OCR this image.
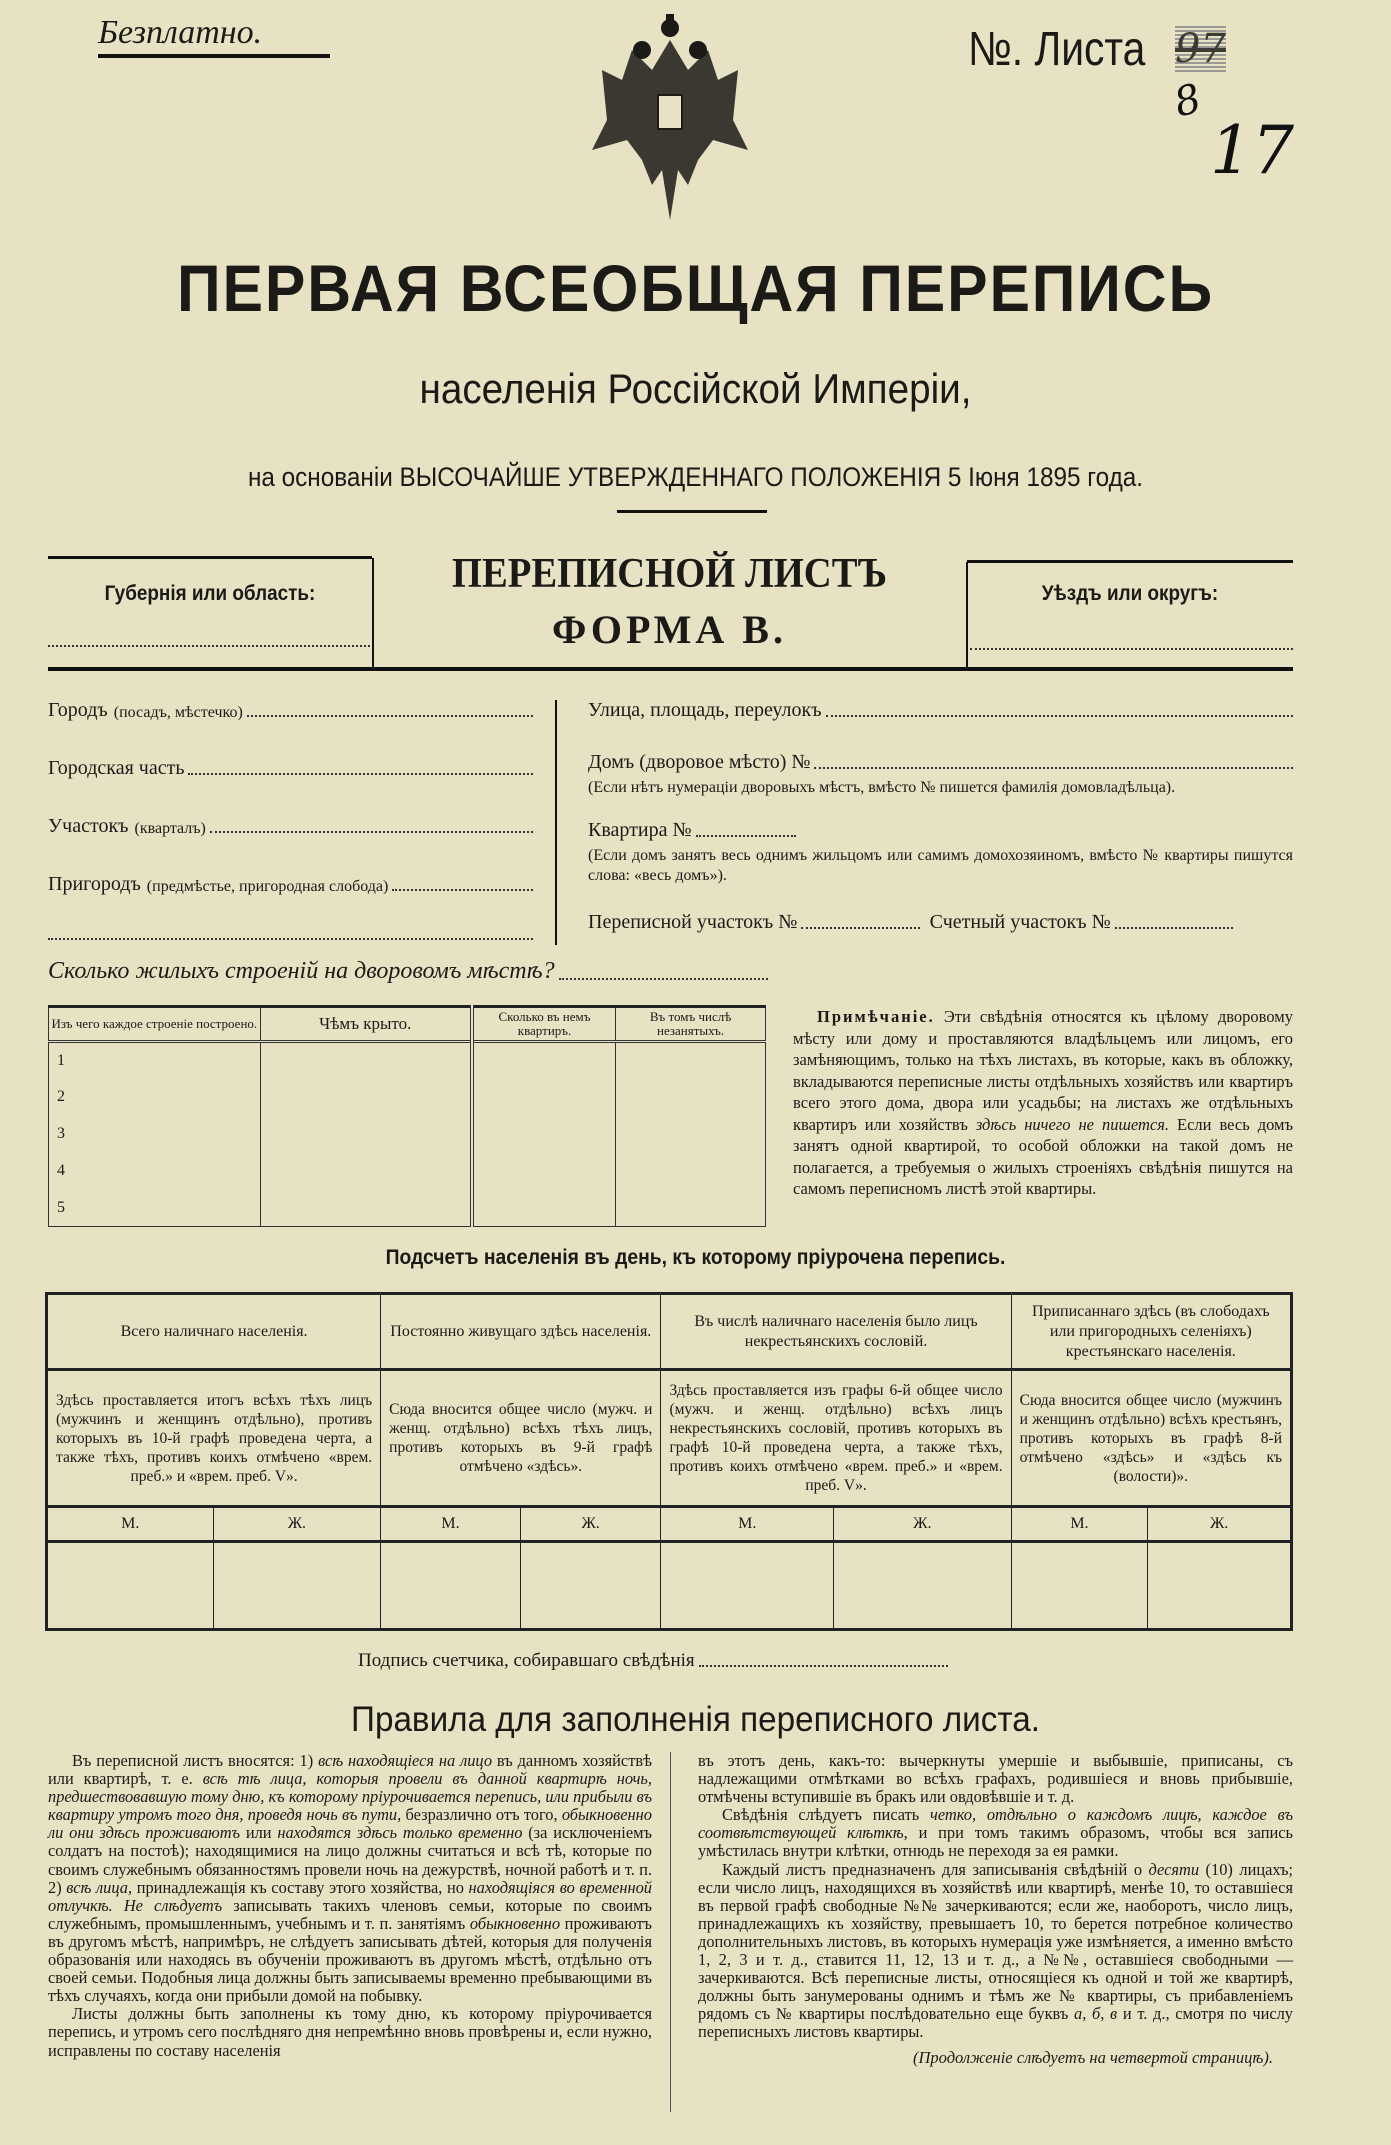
Безплатно.	№. Листа 97
8
17
ПЕРВАЯ ВСЕОБЩАЯ ПЕРЕПИСЬ
населенія Россійской Имперіи,
на основаніи ВЫСОЧАЙШЕ УТВЕРЖДЕННАГО ПОЛОЖЕНІЯ 5 Іюня 1895 года.
Губернія или область:	Уѣздъ или округъ:
ПЕРЕПИСНОЙ ЛИСТЪ
ФОРМА В.
Городъ (посадъ, мѣстечко)
Городская часть
Участокъ (кварталъ)
Пригородъ (предмѣстье, пригородная слобода)
Улица, площадь, переулокъ
Домъ (дворовое мѣсто) №
(Если нѣтъ нумераціи дворовыхъ мѣстъ, вмѣсто № пишется фамилія домовладѣльца).
Квартира №
(Если домъ занятъ весь однимъ жильцомъ или самимъ домохозяиномъ, вмѣсто № квартиры пишутся слова: «весь домъ»).
Переписной участокъ №	Счетный участокъ №
Сколько жилыхъ строеній на дворовомъ мѣстѣ?
Изъ чего каждое строеніе построено.	Чѣмъ крыто.	Сколько въ немъ квартиръ.	Въ томъ числѣ незанятыхъ.
1			
2			
3			
4			
5			
Примѣчаніе. Эти свѣдѣнія относятся къ цѣлому дворовому мѣсту или дому и проставляются владѣльцемъ или лицомъ, его замѣняющимъ, только на тѣхъ листахъ, въ которые, какъ въ обложку, вкладываются переписные листы отдѣльныхъ хозяйствъ или квартиръ всего этого дома, двора или усадьбы; на листахъ же отдѣльныхъ квартиръ или хозяйствъ здѣсь ничего не пишется. Если весь домъ занятъ одной квартирой, то особой обложки на такой домъ не полагается, а требуемыя о жилыхъ строеніяхъ свѣдѣнія пишутся на самомъ переписномъ листѣ этой квартиры.
Подсчетъ населенія въ день, къ которому пріурочена перепись.
Всего наличнаго населенія.		Постоянно живущаго здѣсь населенія.		Въ числѣ наличнаго населенія было лицъ некрестьянскихъ сословій.		Приписаннаго здѣсь (въ слободахъ или пригородныхъ селеніяхъ) крестьянскаго населенія.	
Здѣсь проставляется итогъ всѣхъ тѣхъ лицъ (мужчинъ и женщинъ отдѣльно), противъ которыхъ въ 10-й графѣ проведена черта, а также тѣхъ, противъ коихъ отмѣчено «врем. преб.» и «врем. преб. V».		Сюда вносится общее число (мужч. и женщ. отдѣльно) всѣхъ тѣхъ лицъ, противъ которыхъ въ 9-й графѣ отмѣчено «здѣсь».		Здѣсь проставляется изъ графы 6-й общее число (мужч. и женщ. отдѣльно) всѣхъ лицъ некрестьянскихъ сословій, противъ которыхъ въ графѣ 10-й проведена черта, а также тѣхъ, противъ коихъ отмѣчено «врем. преб.» и «врем. преб. V».		Сюда вносится общее число (мужчинъ и женщинъ отдѣльно) всѣхъ крестьянъ, противъ которыхъ въ графѣ 8-й отмѣчено «здѣсь» и «здѣсь къ (волости)».	
М.	Ж.	М.	Ж.	М.	Ж.	М.	Ж.

Подпись счетчика, собиравшаго свѣдѣнія
Правила для заполненія переписного листа.
Въ переписной листъ вносятся: 1) всѣ находящіеся на лицо въ данномъ хозяйствѣ или квартирѣ, т. е. всѣ тѣ лица, которыя провели въ данной квартирѣ ночь, предшествовавшую тому дню, къ которому пріурочивается перепись, или прибыли въ квартиру утромъ того дня, проведя ночь въ пути, безразлично отъ того, обыкновенно ли они здѣсь проживаютъ или находятся здѣсь только временно (за исключеніемъ солдатъ на постоѣ); находящимися на лицо должны считаться и всѣ тѣ, которые по своимъ служебнымъ обязанностямъ провели ночь на дежурствѣ, ночной работѣ и т. п. 2) всѣ лица, принадлежащія къ составу этого хозяйства, но находящіяся во временной отлучкѣ. Не слѣдуетъ записывать такихъ членовъ семьи, которые по своимъ служебнымъ, промышленнымъ, учебнымъ и т. п. занятіямъ обыкновенно проживаютъ въ другомъ мѣстѣ, напримѣръ, не слѣдуетъ записывать дѣтей, которыя для полученія образованія или находясь въ обученіи проживаютъ въ другомъ мѣстѣ, отдѣльно отъ своей семьи. Подобныя лица должны быть записываемы временно пребывающими въ тѣхъ случаяхъ, когда они прибыли домой на побывку.
Листы должны быть заполнены къ тому дню, къ которому пріурочивается перепись, и утромъ сего послѣдняго дня непремѣнно вновь провѣрены и, если нужно, исправлены по составу населенія
въ этотъ день, какъ-то: вычеркнуты умершіе и выбывшіе, приписаны, съ надлежащими отмѣтками во всѣхъ графахъ, родившіеся и вновь прибывшіе, отмѣчены вступившіе въ бракъ или овдовѣвшіе и т. д.
Свѣдѣнія слѣдуетъ писать четко, отдѣльно о каждомъ лицѣ, каждое въ соотвѣтствующей клѣткѣ, и при томъ такимъ образомъ, чтобы вся запись умѣстилась внутри клѣтки, отнюдь не переходя за ея рамки.
Каждый листъ предназначенъ для записыванія свѣдѣній о десяти (10) лицахъ; если число лицъ, находящихся въ хозяйствѣ или квартирѣ, менѣе 10, то оставшіеся въ первой графѣ свободные №№ зачеркиваются; если же, наоборотъ, число лицъ, принадлежащихъ къ хозяйству, превышаетъ 10, то берется потребное количество дополнительныхъ листовъ, въ которыхъ нумерація уже измѣняется, а именно вмѣсто 1, 2, 3 и т. д., ставится 11, 12, 13 и т. д., а №№, оставшіеся свободными — зачеркиваются. Всѣ переписные листы, относящіеся къ одной и той же квартирѣ, должны быть занумерованы однимъ и тѣмъ же № квартиры, съ прибавленіемъ рядомъ съ № квартиры послѣдовательно еще буквъ а, б, в и т. д., смотря по числу переписныхъ листовъ квартиры.
(Продолженіе слѣдуетъ на четвертой страницѣ).
